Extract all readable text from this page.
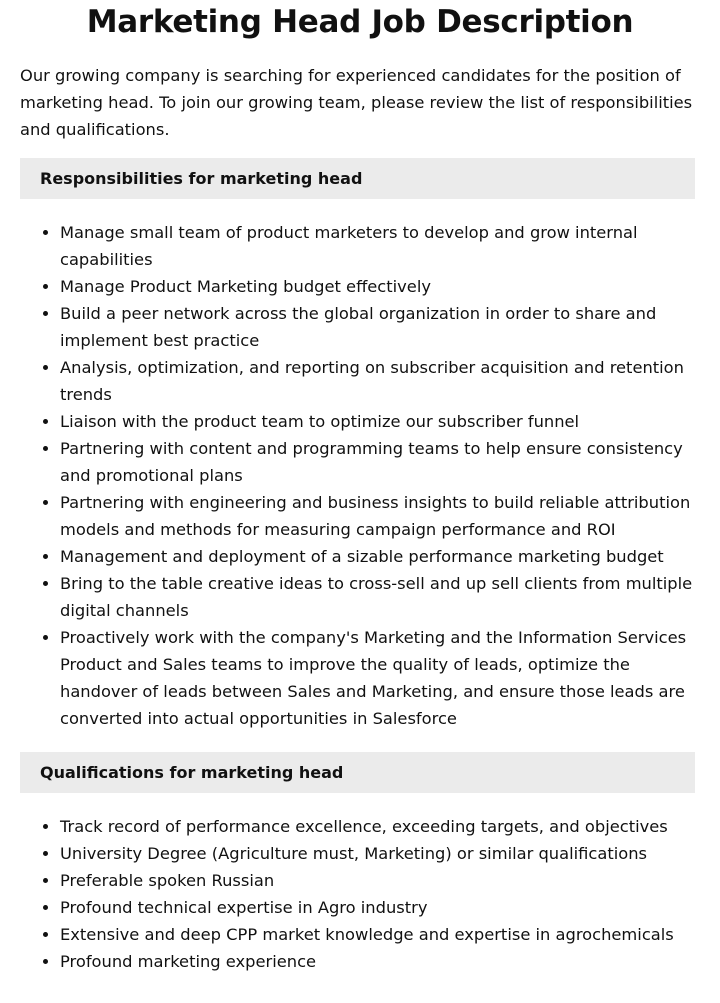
Marketing Head Job Description

Our growing company is searching for experienced candidates for the position of marketing head. To join our growing team, please review the list of responsibilities and qualifications.

Responsibilities for marketing head
• Manage small team of product marketers to develop and grow internal capabilities
• Manage Product Marketing budget effectively
• Build a peer network across the global organization in order to share and implement best practice
• Analysis, optimization, and reporting on subscriber acquisition and retention trends
• Liaison with the product team to optimize our subscriber funnel
• Partnering with content and programming teams to help ensure consistency and promotional plans
• Partnering with engineering and business insights to build reliable attribution models and methods for measuring campaign performance and ROI
• Management and deployment of a sizable performance marketing budget
• Bring to the table creative ideas to cross-sell and up sell clients from multiple digital channels
• Proactively work with the company's Marketing and the Information Services Product and Sales teams to improve the quality of leads, optimize the handover of leads between Sales and Marketing, and ensure those leads are converted into actual opportunities in Salesforce
Qualifications for marketing head
• Track record of performance excellence, exceeding targets, and objectives
• University Degree (Agriculture must, Marketing) or similar qualifications
• Preferable spoken Russian
• Profound technical expertise in Agro industry
• Extensive and deep CPP market knowledge and expertise in agrochemicals
• Profound marketing experience
